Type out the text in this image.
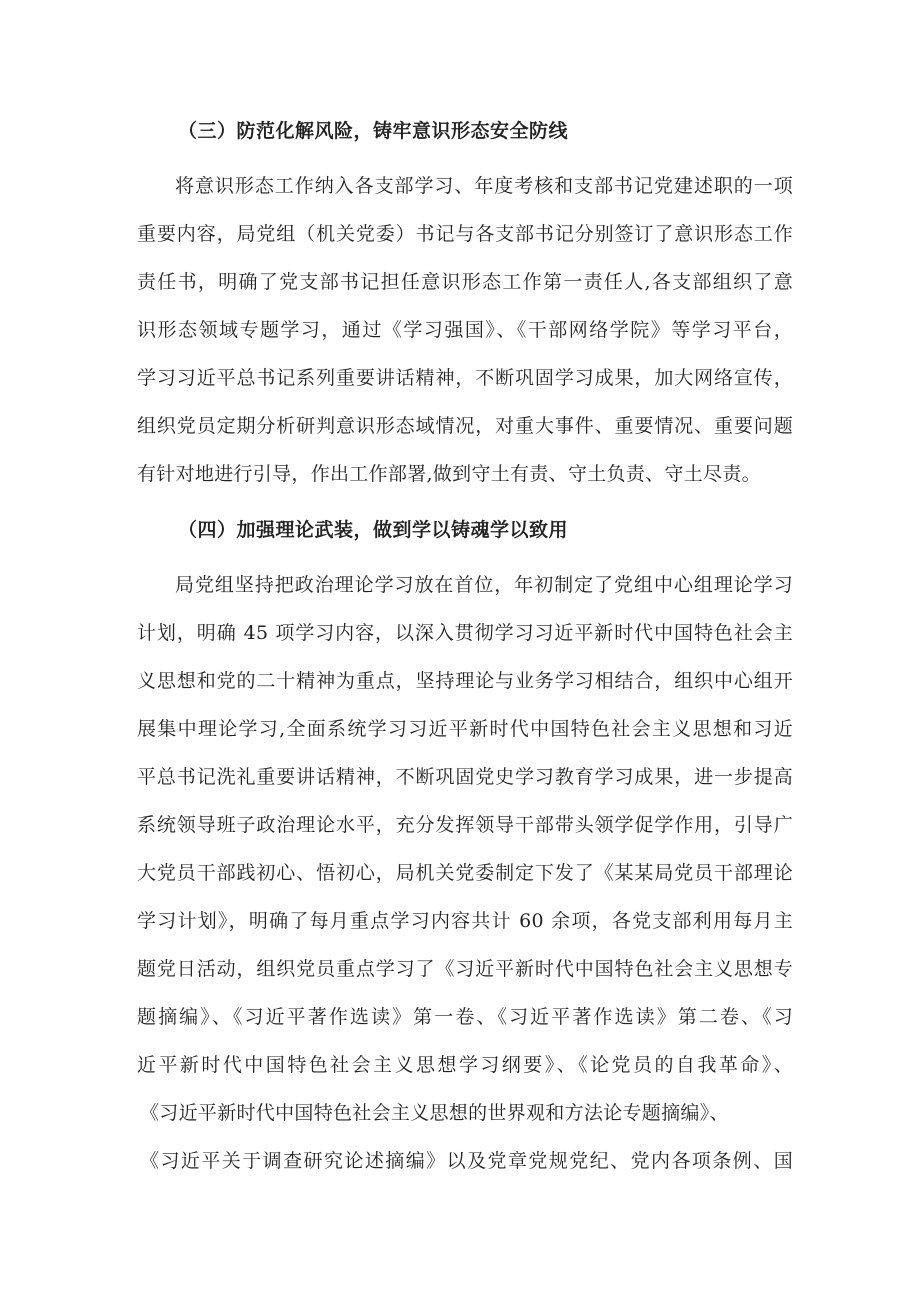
（三）防范化解风险，铸牢意识形态安全防线
将意识形态工作纳入各支部学习、年度考核和支部书记党建述职的一项
重要内容，局党组（机关党委）书记与各支部书记分别签订了意识形态工作
责任书，明确了党支部书记担任意识形态工作第一责任人,各支部组织了意
识形态领域专题学习，通过《学习强国》、《干部网络学院》等学习平台，
学习习近平总书记系列重要讲话精神，不断巩固学习成果，加大网络宣传，
组织党员定期分析研判意识形态域情况，对重大事件、重要情况、重要问题
有针对地进行引导，作出工作部署,做到守土有责、守土负责、守土尽责。
（四）加强理论武装，做到学以铸魂学以致用
局党组坚持把政治理论学习放在首位，年初制定了党组中心组理论学习
计划，明确 45 项学习内容，以深入贯彻学习习近平新时代中国特色社会主
义思想和党的二十精神为重点，坚持理论与业务学习相结合，组织中心组开
展集中理论学习,全面系统学习习近平新时代中国特色社会主义思想和习近
平总书记洗礼重要讲话精神，不断巩固党史学习教育学习成果，进一步提高
系统领导班子政治理论水平，充分发挥领导干部带头领学促学作用，引导广
大党员干部践初心、悟初心，局机关党委制定下发了《某某局党员干部理论
学习计划》，明确了每月重点学习内容共计 60 余项，各党支部利用每月主
题党日活动，组织党员重点学习了《习近平新时代中国特色社会主义思想专
题摘编》、《习近平著作选读》第一卷、《习近平著作选读》第二卷、《习
近平新时代中国特色社会主义思想学习纲要》、《论党员的自我革命》、
《习近平新时代中国特色社会主义思想的世界观和方法论专题摘编》、
《习近平关于调查研究论述摘编》以及党章党规党纪、党内各项条例、国
